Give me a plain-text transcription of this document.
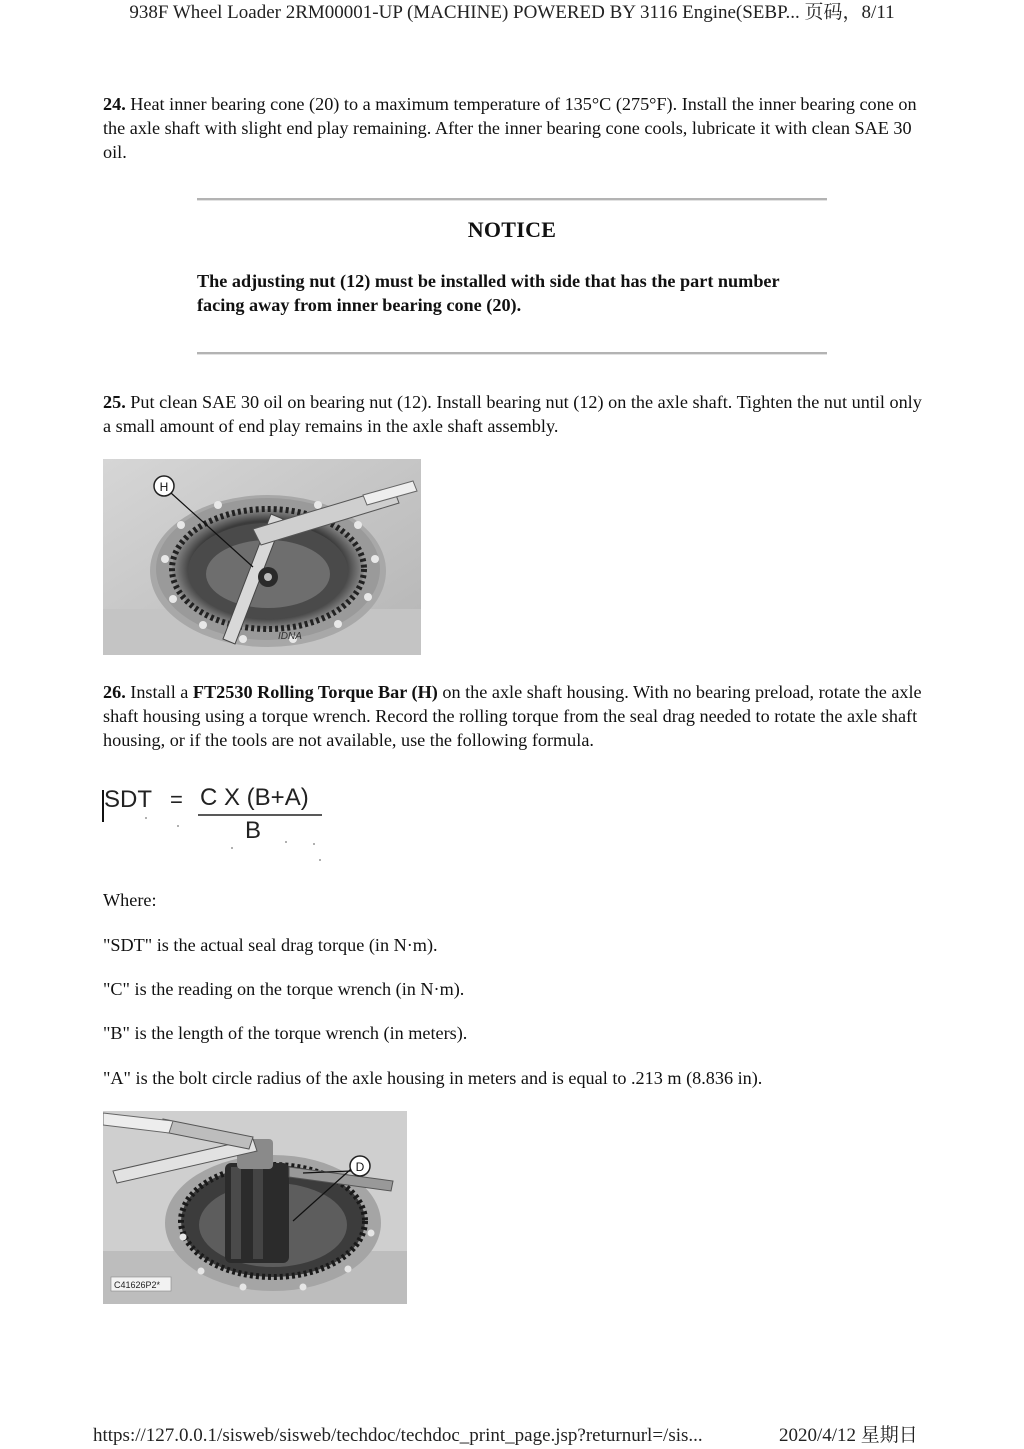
938F Wheel Loader 2RM00001-UP (MACHINE) POWERED BY 3116 Engine(SEBP... 页码，8/11

24. Heat inner bearing cone (20) to a maximum temperature of 135°C (275°F). Install the inner bearing cone on the axle shaft with slight end play remaining. After the inner bearing cone cools, lubricate it with clean SAE 30 oil.

NOTICE

The adjusting nut (12) must be installed with side that has the part number facing away from inner bearing cone (20).

25. Put clean SAE 30 oil on bearing nut (12). Install bearing nut (12) on the axle shaft. Tighten the nut until only a small amount of end play remains in the axle shaft assembly.

H
IDNA

26. Install a FT2530 Rolling Torque Bar (H) on the axle shaft housing. With no bearing preload, rotate the axle shaft housing using a torque wrench. Record the rolling torque from the seal drag needed to rotate the axle shaft housing, or if the tools are not available, use the following formula.

SDT = C X (B+A)
B
Where:
"SDT" is the actual seal drag torque (in N·m).
"C" is the reading on the torque wrench (in N·m).
"B" is the length of the torque wrench (in meters).
"A" is the bolt circle radius of the axle housing in meters and is equal to .213 m (8.836 in).
D
C41626P2*
https://127.0.0.1/sisweb/sisweb/techdoc/techdoc_print_page.jsp?returnurl=/sis...	2020/4/12 星期日
